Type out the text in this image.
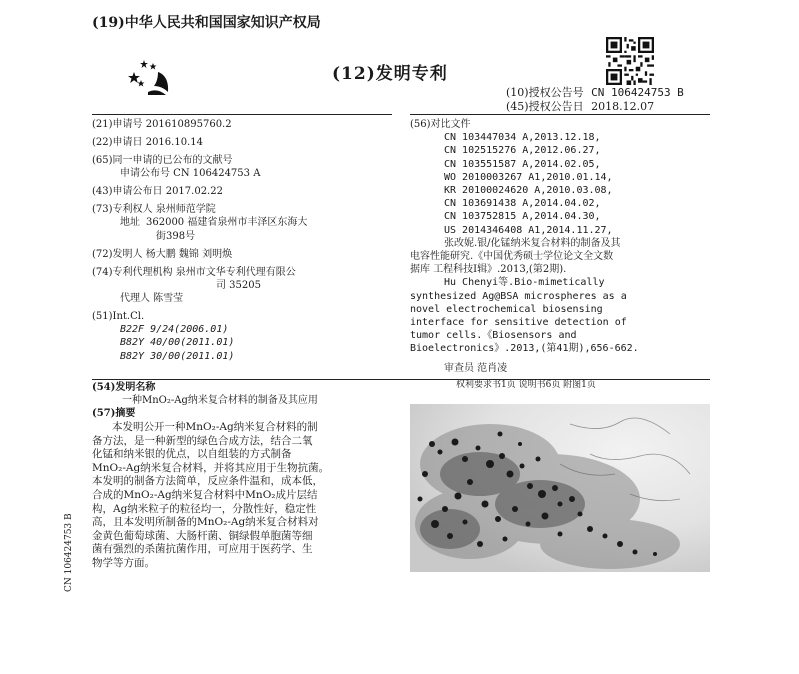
(19)中华人民共和国国家知识产权局
(12)发明专利
(10)授权公告号 CN 106424753 B
(45)授权公告日 2018.12.07
(21)申请号 201610895760.2
(22)申请日 2016.10.14
(65)同一申请的已公布的文献号
申请公布号 CN 106424753 A
(43)申请公布日 2017.02.22
(73)专利权人 泉州师范学院
地址 362000 福建省泉州市丰泽区东海大
街398号
(72)发明人 杨大鹏 魏锦 刘明焕
(74)专利代理机构 泉州市文华专利代理有限公
司 35205
代理人 陈雪莹
(51)Int.Cl.
B22F 9/24(2006.01)
B82Y 40/00(2011.01)
B82Y 30/00(2011.01)
(56)对比文件
CN 103447034 A,2013.12.18,
CN 102515276 A,2012.06.27,
CN 103551587 A,2014.02.05,
WO 2010003267 A1,2010.01.14,
KR 20100024620 A,2010.03.08,
CN 103691438 A,2014.04.02,
CN 103752815 A,2014.04.30,
US 2014346408 A1,2014.11.27,
张改妮.银/化锰纳米复合材料的制备及其
电容性能研究.《中国优秀硕士学位论文全文数
据库 工程科技I辑》.2013,(第2期).
Hu Chenyi等.Bio-mimetically
synthesized Ag@BSA microspheres as a
novel electrochemical biosensing
interface for sensitive detection of
tumor cells.《Biosensors and
Bioelectronics》.2013,(第41期),656-662.
审查员 范肖凌
权利要求书1页 说明书6页 附图1页
(54)发明名称
一种MnO₂-Ag纳米复合材料的制备及其应用
(57)摘要
本发明公开一种MnO₂-Ag纳米复合材料的制
备方法，是一种新型的绿色合成方法，结合二氧
化锰和纳米银的优点，以自组装的方式制备
MnO₂-Ag纳米复合材料，并将其应用于生物抗菌。
本发明的制备方法简单，反应条件温和，成本低，
合成的MnO₂-Ag纳米复合材料中MnO₂成片层结
构，Ag纳米粒子的粒径均一，分散性好，稳定性
高，且本发明所制备的MnO₂-Ag纳米复合材料对
金黄色葡萄球菌、大肠杆菌、铜绿假单胞菌等细
菌有强烈的杀菌抗菌作用，可应用于医药学、生
物学等方面。
CN 106424753 B
